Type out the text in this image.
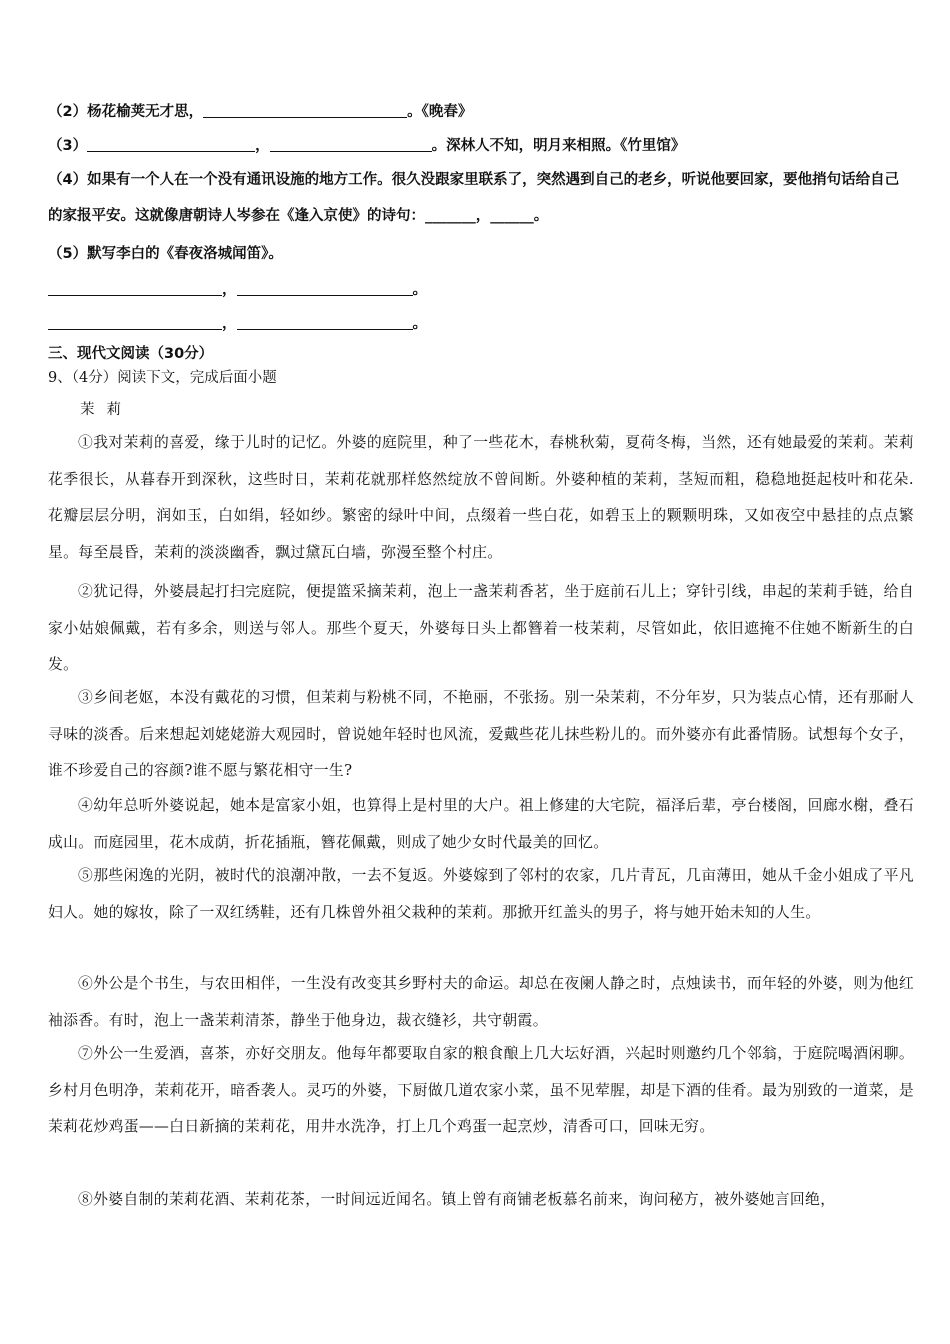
（2）杨花榆荚无才思，	。《晚春》
（3）	，	。深林人不知，明月来相照。《竹里馆》
（4）如果有一个人在一个没有通讯设施的地方工作。很久没跟家里联系了，突然遇到自己的老乡，听说他要回家，要他捎句话给自己的家报平安。这就像唐朝诗人岑参在《逢入京使》的诗句：_______，______。
（5）默写李白的《春夜洛城闻笛》。
，	。
，	。
三、现代文阅读（30分）
9、（4分）阅读下文，完成后面小题
茉莉
①我对茉莉的喜爱，缘于儿时的记忆。外婆的庭院里，种了一些花木，春桃秋菊，夏荷冬梅，当然，还有她最爱的茉莉。茉莉花季很长，从暮春开到深秋，这些时日，茉莉花就那样悠然绽放不曾间断。外婆种植的茉莉，茎短而粗，稳稳地挺起枝叶和花朵.花瓣层层分明，润如玉，白如绢，轻如纱。繁密的绿叶中间，点缀着一些白花，如碧玉上的颗颗明珠，又如夜空中悬挂的点点繁星。每至晨昏，茉莉的淡淡幽香，飘过黛瓦白墙，弥漫至整个村庄。
②犹记得，外婆晨起打扫完庭院，便提篮采摘茉莉，泡上一盏茉莉香茗，坐于庭前石儿上；穿针引线，串起的茉莉手链，给自家小姑娘佩戴，若有多余，则送与邻人。那些个夏天，外婆每日头上都簪着一枝茉莉，尽管如此，依旧遮掩不住她不断新生的白发。
③乡间老妪，本没有戴花的习惯，但茉莉与粉桃不同，不艳丽，不张扬。别一朵茉莉，不分年岁，只为装点心情，还有那耐人寻味的淡香。后来想起刘姥姥游大观园时，曾说她年轻时也风流，爱戴些花儿抹些粉儿的。而外婆亦有此番情肠。试想每个女子，谁不珍爱自己的容颜?谁不愿与繁花相守一生?
④幼年总听外婆说起，她本是富家小姐，也算得上是村里的大户。祖上修建的大宅院，福泽后辈，亭台楼阁，回廊水榭，叠石成山。而庭园里，花木成荫，折花插瓶，簪花佩戴，则成了她少女时代最美的回忆。
⑤那些闲逸的光阴，被时代的浪潮冲散，一去不复返。外婆嫁到了邻村的农家，几片青瓦，几亩薄田，她从千金小姐成了平凡妇人。她的嫁妆，除了一双红绣鞋，还有几株曾外祖父栽种的茉莉。那掀开红盖头的男子，将与她开始未知的人生。
⑥外公是个书生，与农田相伴，一生没有改变其乡野村夫的命运。却总在夜阑人静之时，点烛读书，而年轻的外婆，则为他红袖添香。有时，泡上一盏茉莉清茶，静坐于他身边，裁衣缝衫，共守朝霞。
⑦外公一生爱酒，喜茶，亦好交朋友。他每年都要取自家的粮食酿上几大坛好酒，兴起时则邀约几个邻翁，于庭院喝酒闲聊。乡村月色明净，茉莉花开，暗香袭人。灵巧的外婆，下厨做几道农家小菜，虽不见荤腥，却是下酒的佳肴。最为别致的一道菜，是茉莉花炒鸡蛋——白日新摘的茉莉花，用井水洗净，打上几个鸡蛋一起烹炒，清香可口，回味无穷。
⑧外婆自制的茉莉花酒、茉莉花茶，一时间远近闻名。镇上曾有商铺老板慕名前来，询问秘方，被外婆她言回绝，
